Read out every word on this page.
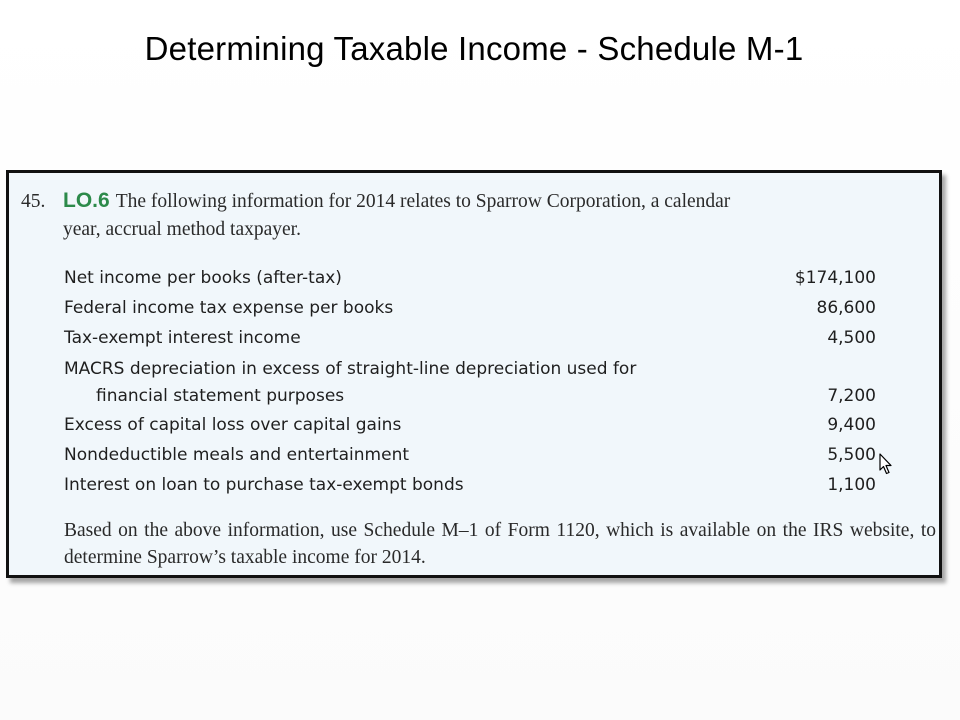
Determining Taxable Income - Schedule M-1
45. LO.6 The following information for 2014 relates to Sparrow Corporation, a calendar
year, accrual method taxpayer.
Net income per books (after-tax)	$174,100
Federal income tax expense per books	86,600
Tax-exempt interest income	4,500
MACRS depreciation in excess of straight-line depreciation used for
financial statement purposes	7,200
Excess of capital loss over capital gains	9,400
Nondeductible meals and entertainment	5,500
Interest on loan to purchase tax-exempt bonds	1,100
Based on the above information, use Schedule M–1 of Form 1120, which is available on the IRS website, to determine Sparrow’s taxable income for 2014.
